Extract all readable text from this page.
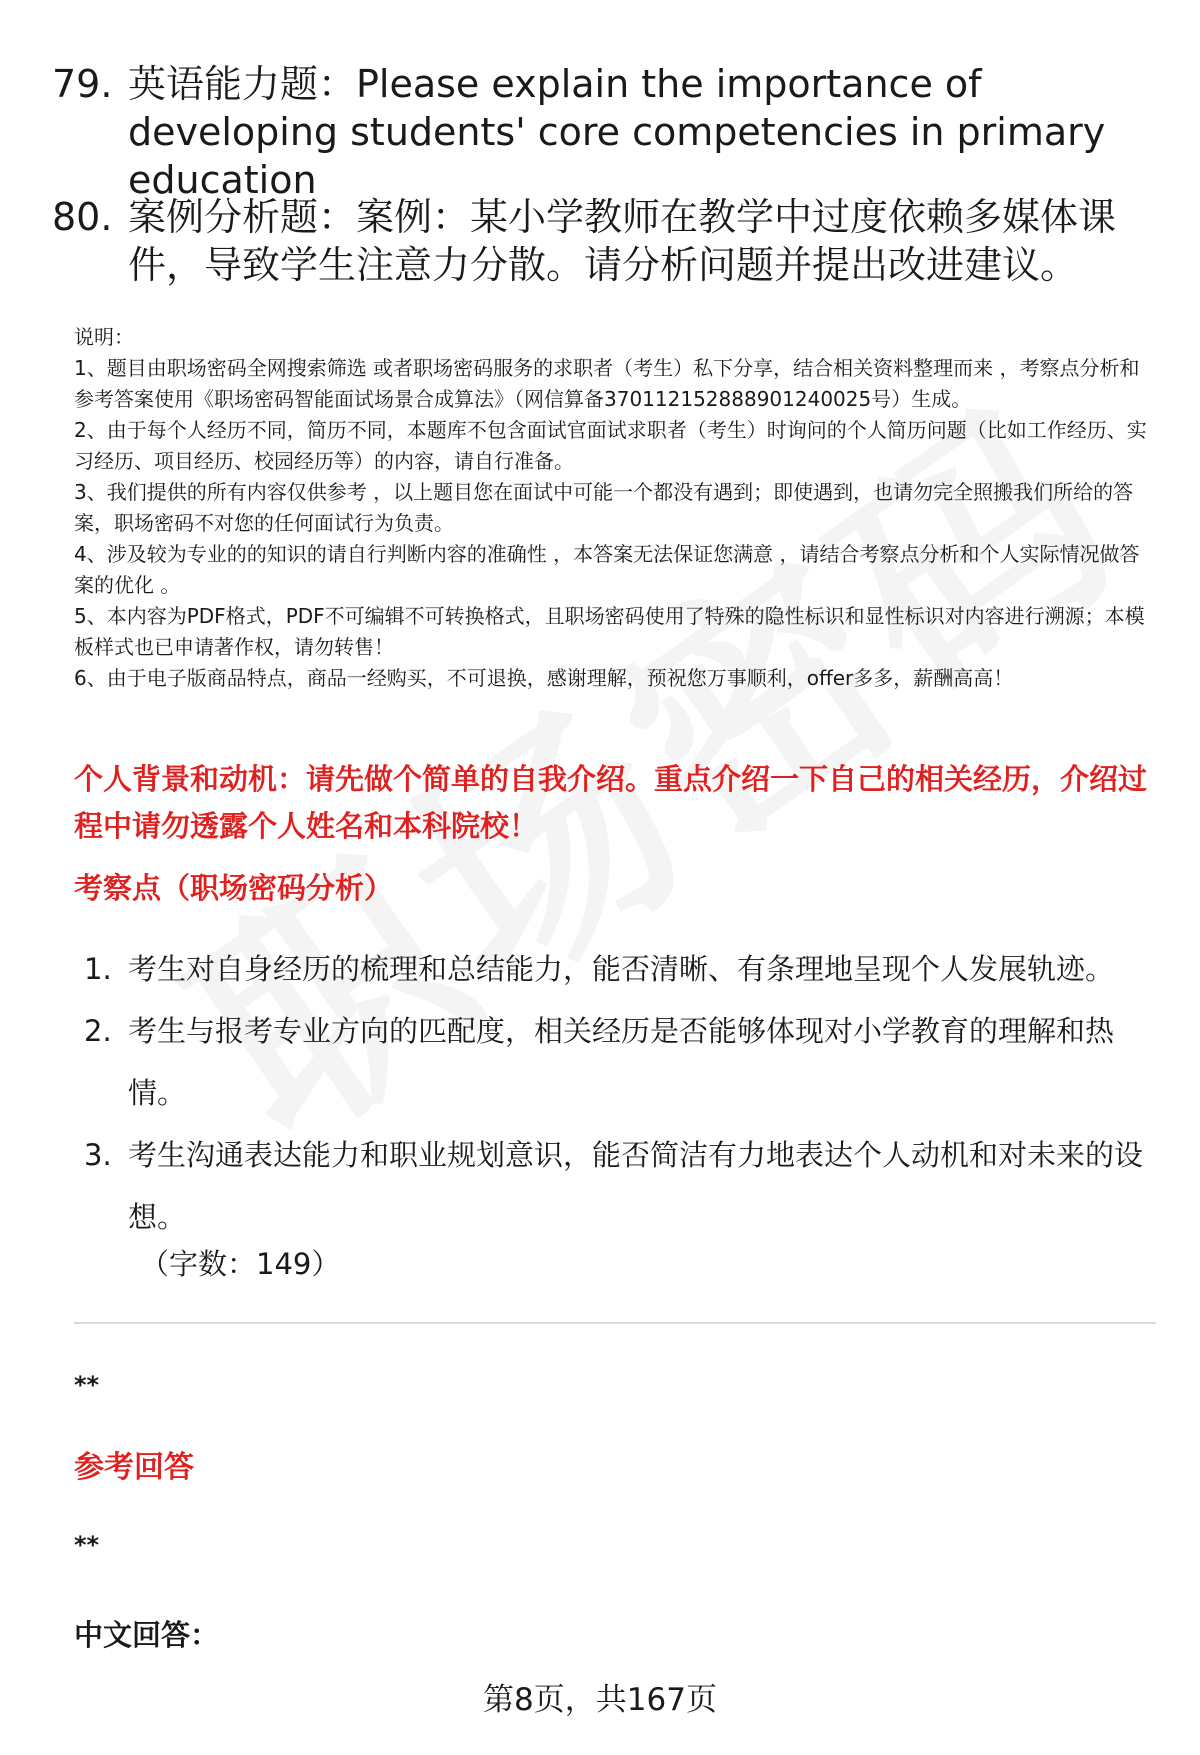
79. 英语能力题：Please explain the importance of developing students' core competencies in primary education
80. 案例分析题：案例：某小学教师在教学中过度依赖多媒体课件，导致学生注意力分散。请分析问题并提出改进建议。

说明：

1、题目由职场密码全网搜索筛选 或者职场密码服务的求职者（考生）私下分享，结合相关资料整理而来 ，考察点分析和参考答案使用《职场密码智能面试场景合成算法》（网信算备370112152888901240025号）生成。

2、由于每个人经历不同，简历不同，本题库不包含面试官面试求职者（考生）时询问的个人简历问题（比如工作经历、实习经历、项目经历、校园经历等）的内容，请自行准备。

3、我们提供的所有内容仅供参考 ，以上题目您在面试中可能一个都没有遇到；即使遇到，也请勿完全照搬我们所给的答案，职场密码不对您的任何面试行为负责。

4、涉及较为专业的的知识的请自行判断内容的准确性 ，本答案无法保证您满意 ，请结合考察点分析和个人实际情况做答案的优化 。

5、本内容为PDF格式，PDF不可编辑不可转换格式，且职场密码使用了特殊的隐性标识和显性标识对内容进行溯源；本模板样式也已申请著作权，请勿转售！

6、由于电子版商品特点，商品一经购买，不可退换，感谢理解，预祝您万事顺利，offer多多，薪酬高高！

个人背景和动机：请先做个简单的自我介绍。重点介绍一下自己的相关经历，介绍过程中请勿透露个人姓名和本科院校！
考察点（职场密码分析）
1. 考生对自身经历的梳理和总结能力，能否清晰、有条理地呈现个人发展轨迹。
2. 考生与报考专业方向的匹配度，相关经历是否能够体现对小学教育的理解和热情。
3. 考生沟通表达能力和职业规划意识，能否简洁有力地表达个人动机和对未来的设想。
（字数：149）
**
参考回答
**
中文回答：
第8页，共167页
